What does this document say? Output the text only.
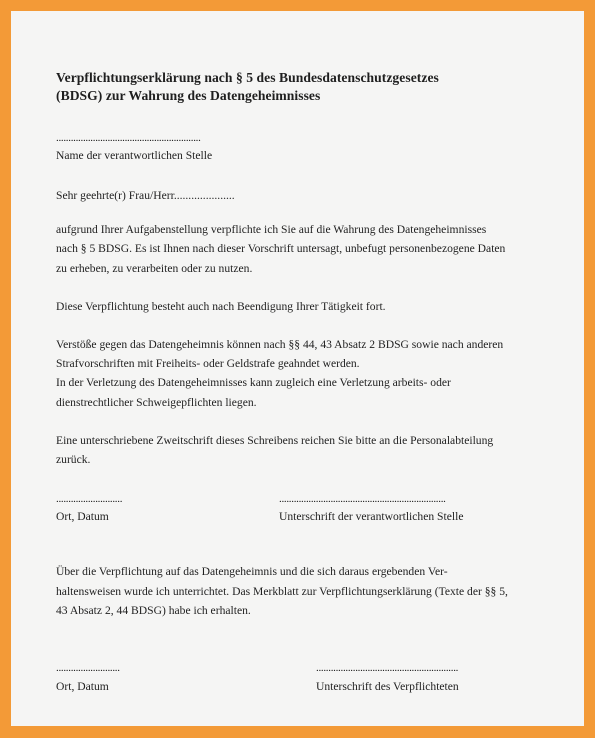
Verpflichtungserklärung nach § 5 des Bundesdatenschutzgesetzes
(BDSG) zur Wahrung des Datengeheimnisses
...........................................................
Name der verantwortlichen Stelle
Sehr geehrte(r) Frau/Herr.....................
aufgrund Ihrer Aufgabenstellung verpflichte ich Sie auf die Wahrung des Datengeheimnisses
nach § 5 BDSG. Es ist Ihnen nach dieser Vorschrift untersagt, unbefugt personenbezogene Daten
zu erheben, zu verarbeiten oder zu nutzen.
Diese Verpflichtung besteht auch nach Beendigung Ihrer Tätigkeit fort.
Verstöße gegen das Datengeheimnis können nach §§ 44, 43 Absatz 2 BDSG sowie nach anderen
Strafvorschriften mit Freiheits- oder Geldstrafe geahndet werden.
In der Verletzung des Datengeheimnisses kann zugleich eine Verletzung arbeits- oder
dienstrechtlicher Schweigepflichten liegen.
Eine unterschriebene Zweitschrift dieses Schreibens reichen Sie bitte an die Personalabteilung
zurück.
...........................
Ort, Datum
....................................................................
Unterschrift der verantwortlichen Stelle
Über die Verpflichtung auf das Datengeheimnis und die sich daraus ergebenden Ver-
haltensweisen wurde ich unterrichtet. Das Merkblatt zur Verpflichtungserklärung (Texte der §§ 5,
43 Absatz 2, 44 BDSG) habe ich erhalten.
..........................
Ort, Datum
..........................................................
Unterschrift des Verpflichteten
